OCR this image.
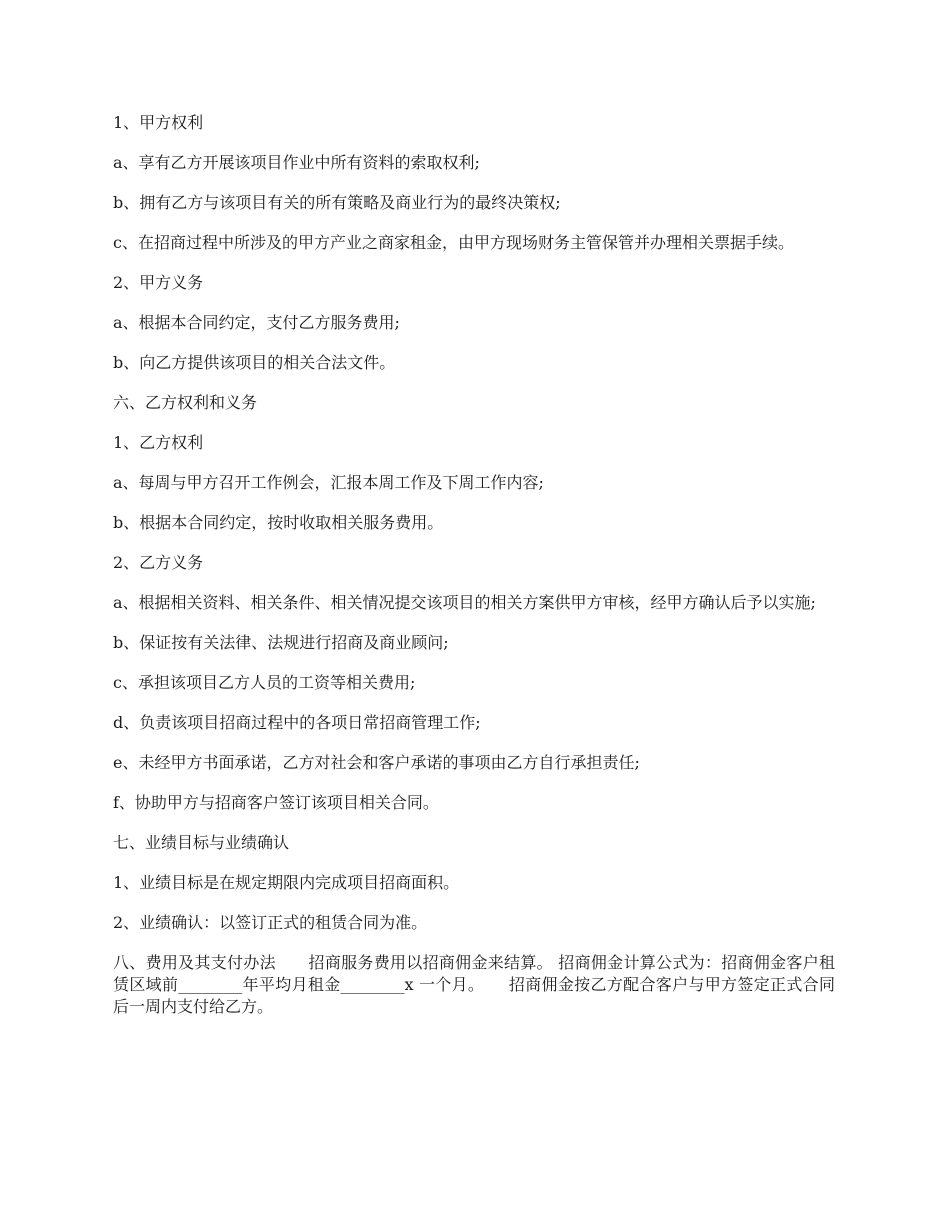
1、甲方权利

a、享有乙方开展该项目作业中所有资料的索取权利;

b、拥有乙方与该项目有关的所有策略及商业行为的最终决策权;

c、在招商过程中所涉及的甲方产业之商家租金，由甲方现场财务主管保管并办理相关票据手续。

2、甲方义务

a、根据本合同约定，支付乙方服务费用;

b、向乙方提供该项目的相关合法文件。

六、乙方权利和义务

1、乙方权利

a、每周与甲方召开工作例会，汇报本周工作及下周工作内容;

b、根据本合同约定，按时收取相关服务费用。

2、乙方义务

a、根据相关资料、相关条件、相关情况提交该项目的相关方案供甲方审核，经甲方确认后予以实施;

b、保证按有关法律、法规进行招商及商业顾问;

c、承担该项目乙方人员的工资等相关费用;

d、负责该项目招商过程中的各项日常招商管理工作;

e、未经甲方书面承诺，乙方对社会和客户承诺的事项由乙方自行承担责任;

f、协助甲方与招商客户签订该项目相关合同。

七、业绩目标与业绩确认

1、业绩目标是在规定期限内完成项目招商面积。

2、业绩确认：以签订正式的租赁合同为准。

八、费用及其支付办法　　招商服务费用以招商佣金来结算。 招商佣金计算公式为：招商佣金客户租赁区域前________年平均月租金________x 一个月。　　招商佣金按乙方配合客户与甲方签定正式合同后一周内支付给乙方。
